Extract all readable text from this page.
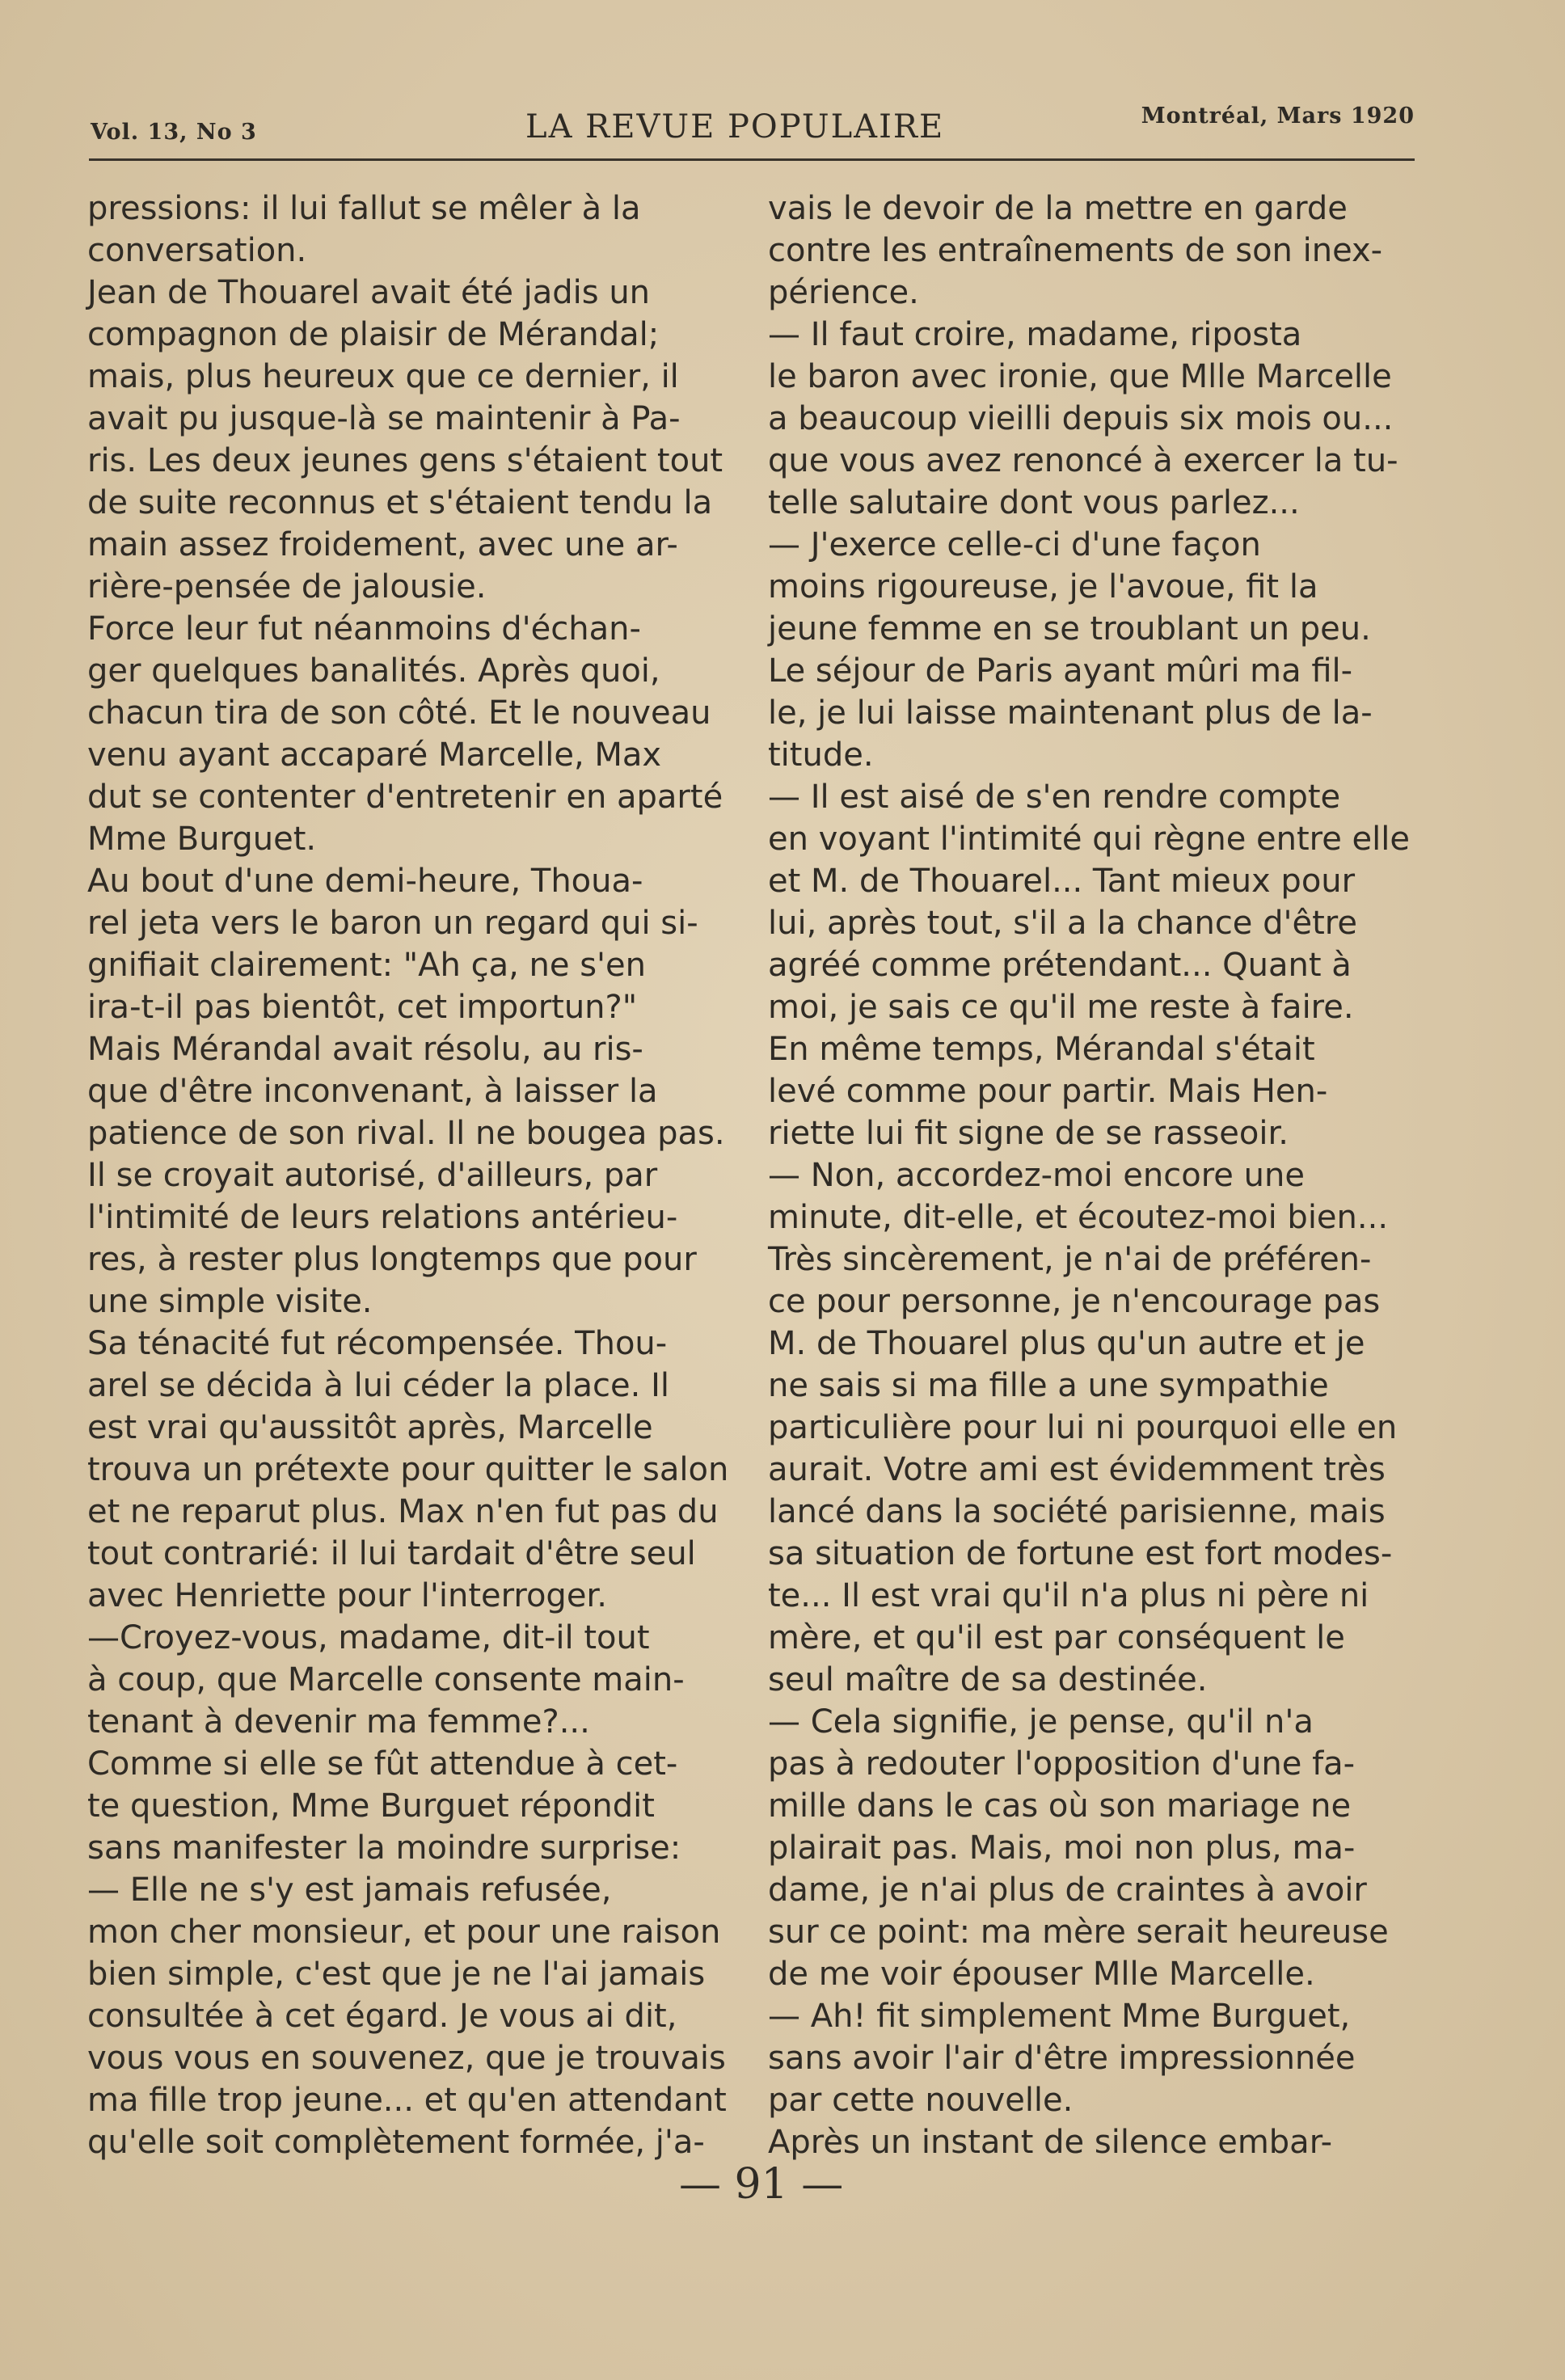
Vol. 13, No 3	LA REVUE POPULAIRE	Montréal, Mars 1920
pressions: il lui fallut se mêler à la
conversation.
Jean de Thouarel avait été jadis un
compagnon de plaisir de Mérandal;
mais, plus heureux que ce dernier, il
avait pu jusque-là se maintenir à Pa-
ris. Les deux jeunes gens s'étaient tout
de suite reconnus et s'étaient tendu la
main assez froidement, avec une ar-
rière-pensée de jalousie.
Force leur fut néanmoins d'échan-
ger quelques banalités. Après quoi,
chacun tira de son côté. Et le nouveau
venu ayant accaparé Marcelle, Max
dut se contenter d'entretenir en aparté
Mme Burguet.
Au bout d'une demi-heure, Thoua-
rel jeta vers le baron un regard qui si-
gnifiait clairement: "Ah ça, ne s'en
ira-t-il pas bientôt, cet importun?"
Mais Mérandal avait résolu, au ris-
que d'être inconvenant, à laisser la
patience de son rival. Il ne bougea pas.
Il se croyait autorisé, d'ailleurs, par
l'intimité de leurs relations antérieu-
res, à rester plus longtemps que pour
une simple visite.
Sa ténacité fut récompensée. Thou-
arel se décida à lui céder la place. Il
est vrai qu'aussitôt après, Marcelle
trouva un prétexte pour quitter le salon
et ne reparut plus. Max n'en fut pas du
tout contrarié: il lui tardait d'être seul
avec Henriette pour l'interroger.
—Croyez-vous, madame, dit-il tout
à coup, que Marcelle consente main-
tenant à devenir ma femme?...
Comme si elle se fût attendue à cet-
te question, Mme Burguet répondit
sans manifester la moindre surprise:
— Elle ne s'y est jamais refusée,
mon cher monsieur, et pour une raison
bien simple, c'est que je ne l'ai jamais
consultée à cet égard. Je vous ai dit,
vous vous en souvenez, que je trouvais
ma fille trop jeune... et qu'en attendant
qu'elle soit complètement formée, j'a-
vais le devoir de la mettre en garde
contre les entraînements de son inex-
périence.
— Il faut croire, madame, riposta
le baron avec ironie, que Mlle Marcelle
a beaucoup vieilli depuis six mois ou...
que vous avez renoncé à exercer la tu-
telle salutaire dont vous parlez...
— J'exerce celle-ci d'une façon
moins rigoureuse, je l'avoue, fit la
jeune femme en se troublant un peu.
Le séjour de Paris ayant mûri ma fil-
le, je lui laisse maintenant plus de la-
titude.
— Il est aisé de s'en rendre compte
en voyant l'intimité qui règne entre elle
et M. de Thouarel... Tant mieux pour
lui, après tout, s'il a la chance d'être
agréé comme prétendant... Quant à
moi, je sais ce qu'il me reste à faire.
En même temps, Mérandal s'était
levé comme pour partir. Mais Hen-
riette lui fit signe de se rasseoir.
— Non, accordez-moi encore une
minute, dit-elle, et écoutez-moi bien...
Très sincèrement, je n'ai de préféren-
ce pour personne, je n'encourage pas
M. de Thouarel plus qu'un autre et je
ne sais si ma fille a une sympathie
particulière pour lui ni pourquoi elle en
aurait. Votre ami est évidemment très
lancé dans la société parisienne, mais
sa situation de fortune est fort modes-
te... Il est vrai qu'il n'a plus ni père ni
mère, et qu'il est par conséquent le
seul maître de sa destinée.
— Cela signifie, je pense, qu'il n'a
pas à redouter l'opposition d'une fa-
mille dans le cas où son mariage ne
plairait pas. Mais, moi non plus, ma-
dame, je n'ai plus de craintes à avoir
sur ce point: ma mère serait heureuse
de me voir épouser Mlle Marcelle.
— Ah! fit simplement Mme Burguet,
sans avoir l'air d'être impressionnée
par cette nouvelle.
Après un instant de silence embar-
— 91 —
